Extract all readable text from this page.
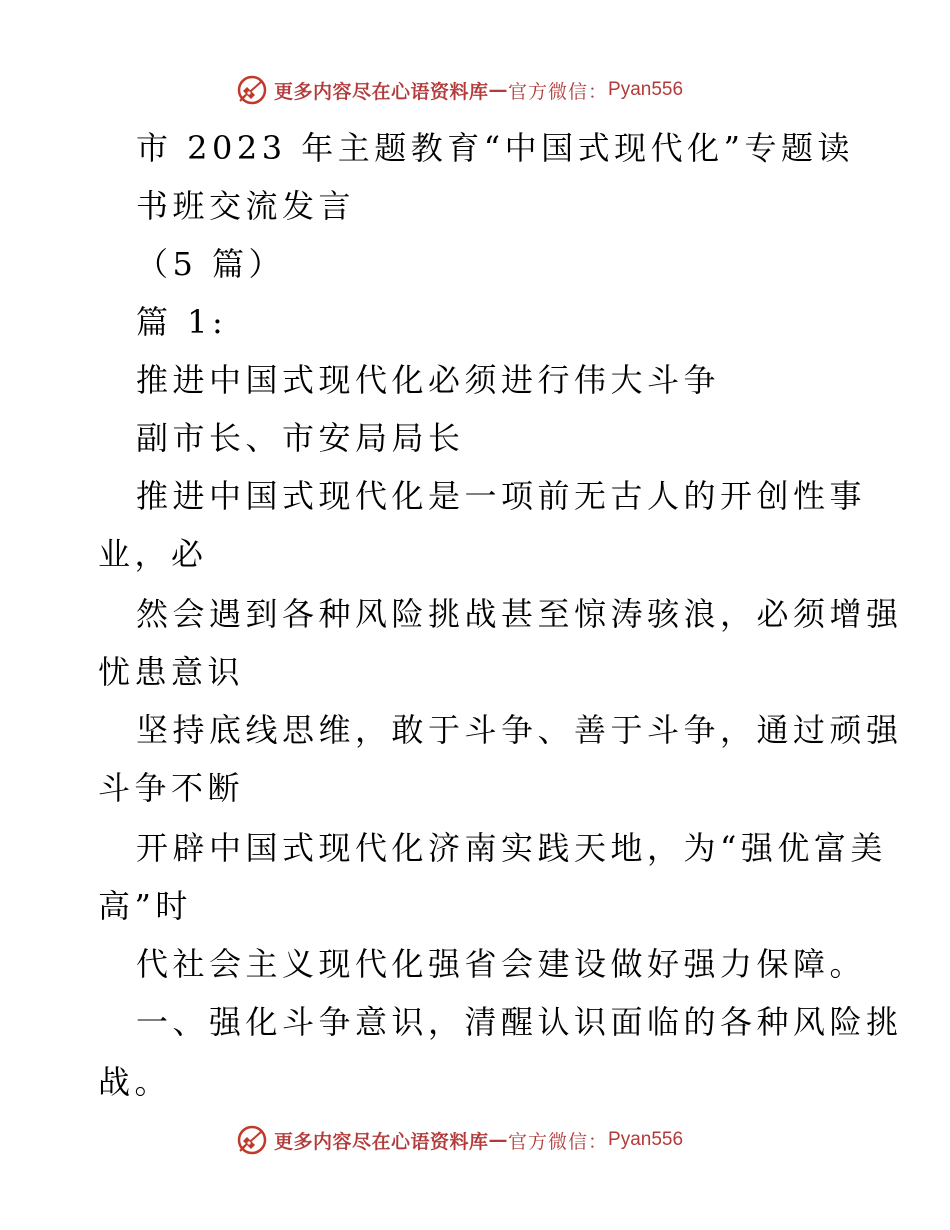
更多内容尽在心语资料库 — 官方微信： Pyan556
市 2023 年主题教育“中国式现代化”专题读
书班交流发言
（5 篇）
篇 1:
推进中国式现代化必须进行伟大斗争
副市长、市安局局长
推进中国式现代化是一项前无古人的开创性事
业，必
然会遇到各种风险挑战甚至惊涛骇浪，必须增强
忧患意识
坚持底线思维，敢于斗争、善于斗争，通过顽强
斗争不断
开辟中国式现代化济南实践天地，为“强优富美
高”时
代社会主义现代化强省会建设做好强力保障。
一、强化斗争意识，清醒认识面临的各种风险挑
战。
更多内容尽在心语资料库 — 官方微信： Pyan556
